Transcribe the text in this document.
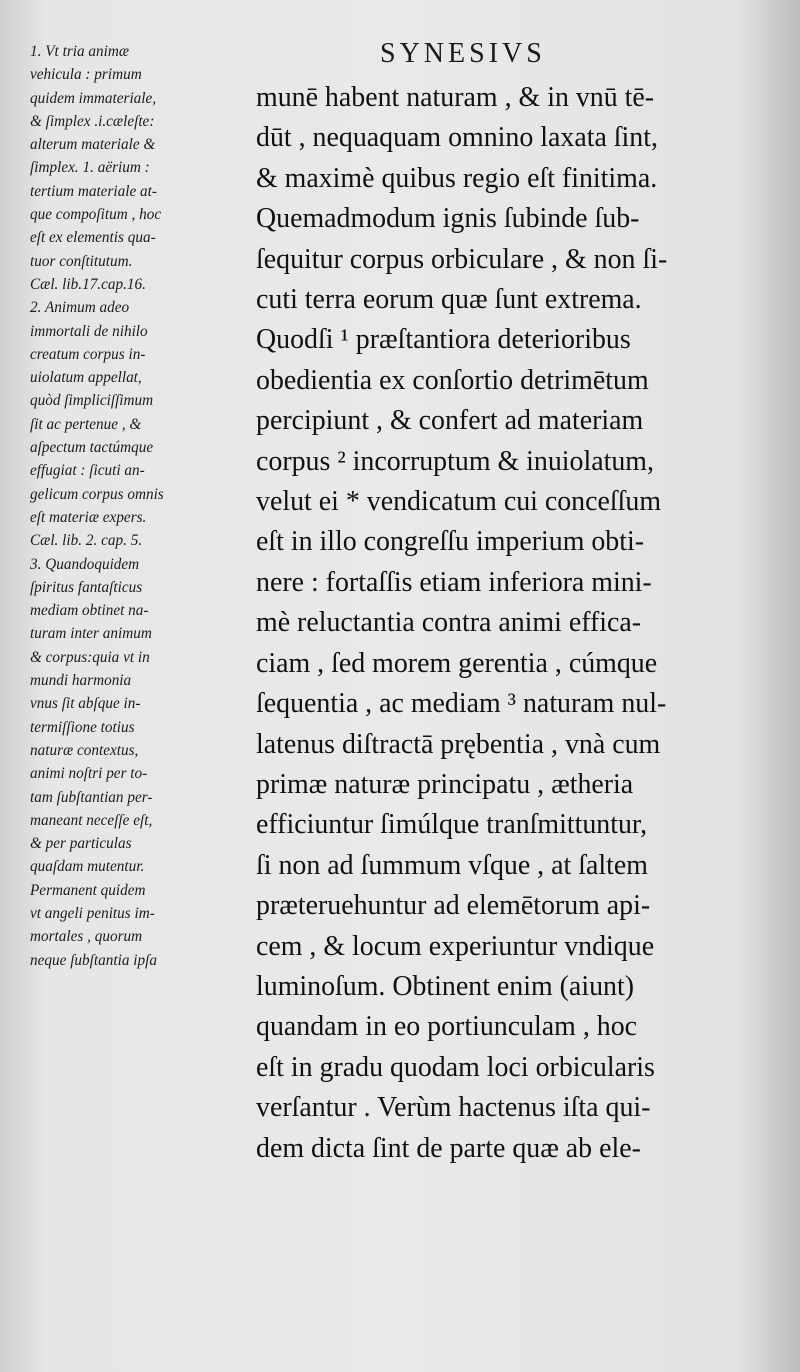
SYNESIVS
1. Vt tria animæ
vehicula : primum
quidem immateriale,
& ſimplex .i.cæleſte:
alterum materiale &
ſimplex. 1. aërium :
tertium materiale at-
que compoſitum , hoc
eſt ex elementis qua-
tuor conſtitutum.
Cæl. lib.17.cap.16.
2. Animum adeo
immortali de nihilo
creatum corpus in-
uiolatum appellat,
quòd ſimpliciſſimum
ſit ac pertenue , &
aſpectum tactúmque
effugiat : ſicuti an-
gelicum corpus omnis
eſt materiæ expers.
Cæl. lib. 2. cap. 5.
3. Quandoquidem
ſpiritus fantaſticus
mediam obtinet na-
turam inter animum
& corpus:quia vt in
mundi harmonia
vnus ſit abſque in-
termiſſione totius
naturæ contextus,
animi noſtri per to-
tam ſubſtantian per-
maneant neceſſe eſt,
& per particulas
quaſdam mutentur.
Permanent quidem
vt angeli penitus im-
mortales , quorum
neque ſubſtantia ipſa
munē habent naturam , & in vnū tē-
dūt , nequaquam omnino laxata ſint,
& maximè quibus regio eſt finitima.
Quemadmodum ignis ſubinde ſub-
ſequitur corpus orbiculare , & non ſi-
cuti terra eorum quæ ſunt extrema.
Quodſi ¹ præſtantiora deterioribus
obedientia ex conſortio detrimētum
percipiunt , & confert ad materiam
corpus ² incorruptum & inuiolatum,
velut ei * vendicatum cui conceſſum
eſt in illo congreſſu imperium obti-
nere : fortaſſis etiam inferiora mini-
mè reluctantia contra animi effica-
ciam , ſed morem gerentia , cúmque
ſequentia , ac mediam ³ naturam nul-
latenus diſtractā prębentia , vnà cum
primæ naturæ principatu , ætheria
efficiuntur ſimúlque tranſmittuntur,
ſi non ad ſummum vſque , at ſaltem
præteruehuntur ad elemētorum api-
cem , & locum experiuntur vndique
luminoſum. Obtinent enim (aiunt)
quandam in eo portiunculam , hoc
eſt in gradu quodam loci orbicularis
verſantur . Verùm hactenus iſta qui-
dem dicta ſint de parte quæ ab ele-
